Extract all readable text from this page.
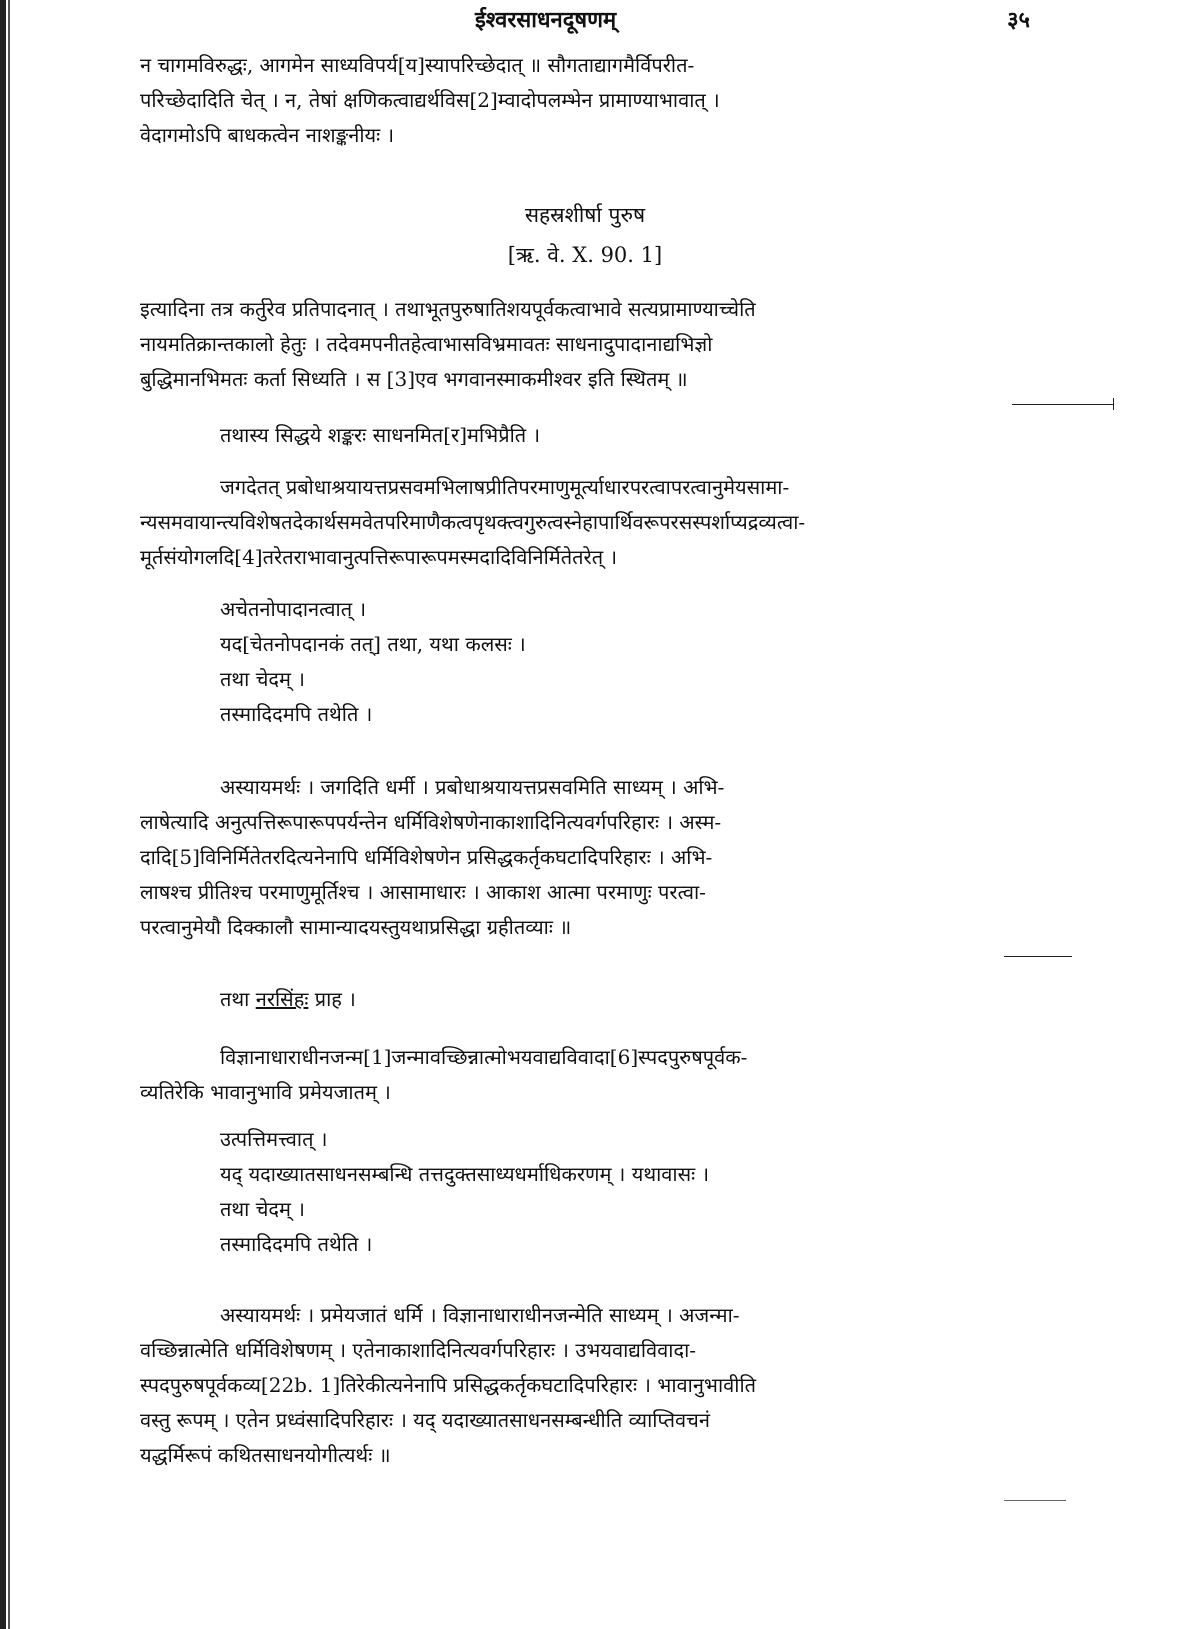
ईश्वरसाधनदूषणम्	३५
न चागमविरुद्धः, आगमेन साध्यविपर्य[य]स्यापरिच्छेदात् ॥ सौगताद्यागमैर्विपरीत-
परिच्छेदादिति चेत् । न, तेषां क्षणिकत्वाद्यर्थविस[2]म्वादोपलम्भेन प्रामाण्याभावात् ।
वेदागमोऽपि बाधकत्वेन नाशङ्कनीयः ।
सहस्रशीर्षा पुरुष
[ऋ. वे. X. 90. 1]
इत्यादिना तत्र कर्तुरेव प्रतिपादनात् । तथाभूतपुरुषातिशयपूर्वकत्वाभावे सत्यप्रामाण्याच्चेति
नायमतिक्रान्तकालो हेतुः । तदेवमपनीतहेत्वाभासविभ्रमावतः साधनादुपादानाद्यभिज्ञो
बुद्धिमानभिमतः कर्ता सिध्यति । स [3]एव भगवानस्माकमीश्वर इति स्थितम् ॥
तथास्य सिद्धये शङ्करः साधनमित[र]मभिप्रैति ।
जगदेतत् प्रबोधाश्रयायत्तप्रसवमभिलाषप्रीतिपरमाणुमूर्त्याधारपरत्वापरत्वानुमेयसामा-
न्यसमवायान्त्यविशेषतदेकार्थसमवेतपरिमाणैकत्वपृथक्त्वगुरुत्वस्नेहापार्थिवरूपरसस्पर्शाप्यद्रव्यत्वा-
मूर्तसंयोगलदि[4]तरेतराभावानुत्पत्तिरूपारूपमस्मदादिविनिर्मितेतरेत् ।
अचेतनोपादानत्वात् ।
यद[चेतनोपदानकं तत्] तथा, यथा कलसः ।
तथा चेदम् ।
तस्मादिदमपि तथेति ।
अस्यायमर्थः । जगदिति धर्मी । प्रबोधाश्रयायत्तप्रसवमिति साध्यम् । अभि-
लाषेत्यादि अनुत्पत्तिरूपारूपपर्यन्तेन धर्मिविशेषणेनाकाशादिनित्यवर्गपरिहारः । अस्म-
दादि[5]विनिर्मितेतरदित्यनेनापि धर्मिविशेषणेन प्रसिद्धकर्तृकघटादिपरिहारः । अभि-
लाषश्च प्रीतिश्च परमाणुमूर्तिश्च । आसामाधारः । आकाश आत्मा परमाणुः परत्वा-
परत्वानुमेयौ दिक्कालौ सामान्यादयस्तुयथाप्रसिद्धा ग्रहीतव्याः ॥
तथा नरसिंहः प्राह ।
विज्ञानाधाराधीनजन्म[1]जन्मावच्छिन्नात्मोभयवाद्यविवादा[6]स्पदपुरुषपूर्वक-
व्यतिरेकि भावानुभावि प्रमेयजातम् ।
उत्पत्तिमत्त्वात् ।
यद् यदाख्यातसाधनसम्बन्धि तत्तदुक्तसाध्यधर्माधिकरणम् । यथावासः ।
तथा चेदम् ।
तस्मादिदमपि तथेति ।
अस्यायमर्थः । प्रमेयजातं धर्मि । विज्ञानाधाराधीनजन्मेति साध्यम् । अजन्मा-
वच्छिन्नात्मेति धर्मिविशेषणम् । एतेनाकाशादिनित्यवर्गपरिहारः । उभयवाद्यविवादा-
स्पदपुरुषपूर्वकव्य[22b. 1]तिरेकीत्यनेनापि प्रसिद्धकर्तृकघटादिपरिहारः । भावानुभावीति
वस्तु रूपम् । एतेन प्रध्वंसादिपरिहारः । यद् यदाख्यातसाधनसम्बन्धीति व्याप्तिवचनं
यद्धर्मिरूपं कथितसाधनयोगीत्यर्थः ॥
